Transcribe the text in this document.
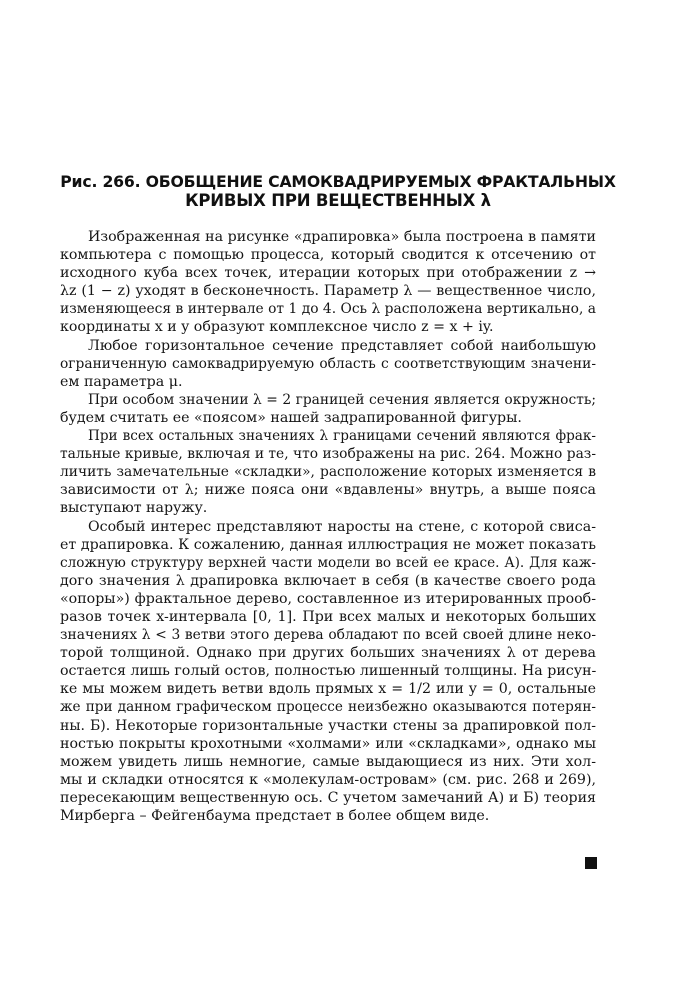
Рис. 266. ОБОБЩЕНИЕ САМОКВАДРИРУЕМЫХ ФРАКТАЛЬНЫХ
КРИВЫХ ПРИ ВЕЩЕСТВЕННЫХ λ
Изображенная на рисунке «драпировка» была построена в памяти
компьютера с помощью процесса, который сводится к отсечению от
исходного куба всех точек, итерации которых при отображении z →
λz (1 − z) уходят в бесконечность. Параметр λ — вещественное число,
изменяющееся в интервале от 1 до 4. Ось λ расположена вертикально, а
координаты x и y образуют комплексное число z = x + iy.
Любое горизонтальное сечение представляет собой наибольшую
ограниченную самоквадрируемую область с соответствующим значени-
ем параметра μ.
При особом значении λ = 2 границей сечения является окружность;
будем считать ее «поясом» нашей задрапированной фигуры.
При всех остальных значениях λ границами сечений являются фрак-
тальные кривые, включая и те, что изображены на рис. 264. Можно раз-
личить замечательные «складки», расположение которых изменяется в
зависимости от λ; ниже пояса они «вдавлены» внутрь, а выше пояса
выступают наружу.
Особый интерес представляют наросты на стене, с которой свиса-
ет драпировка. К сожалению, данная иллюстрация не может показать
сложную структуру верхней части модели во всей ее красе. А). Для каж-
дого значения λ драпировка включает в себя (в качестве своего рода
«опоры») фрактальное дерево, составленное из итерированных прооб-
разов точек x-интервала [0, 1]. При всех малых и некоторых больших
значениях λ < 3 ветви этого дерева обладают по всей своей длине неко-
торой толщиной. Однако при других больших значениях λ от дерева
остается лишь голый остов, полностью лишенный толщины. На рисун-
ке мы можем видеть ветви вдоль прямых x = 1/2 или y = 0, остальные
же при данном графическом процессе неизбежно оказываются потерян-
ны. Б). Некоторые горизонтальные участки стены за драпировкой пол-
ностью покрыты крохотными «холмами» или «складками», однако мы
можем увидеть лишь немногие, самые выдающиеся из них. Эти хол-
мы и складки относятся к «молекулам-островам» (см. рис. 268 и 269),
пересекающим вещественную ось. С учетом замечаний А) и Б) теория
Мирберга – Фейгенбаума предстает в более общем виде.
